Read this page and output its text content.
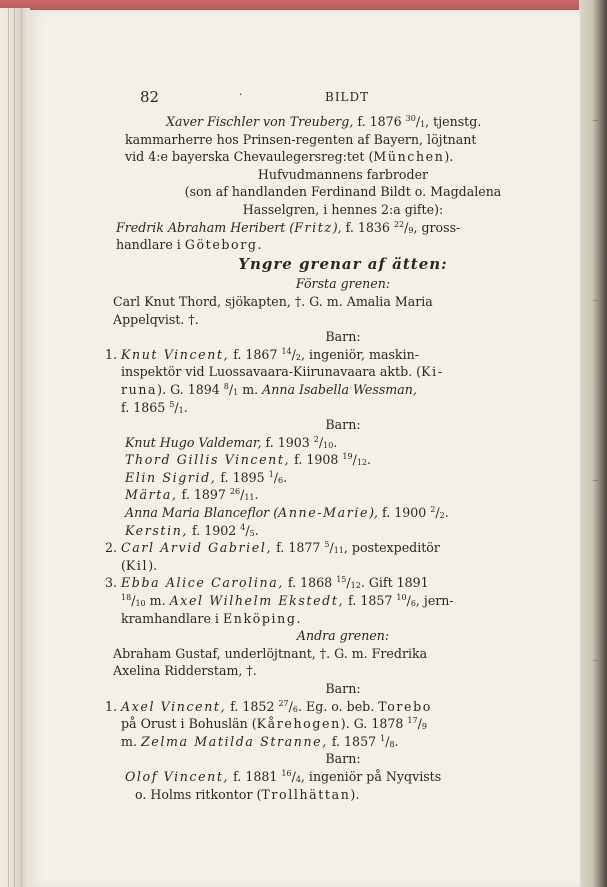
82	·	BILDT
Xaver Fischler von Treuberg, f. 1876 $^{30}/_1$, tjenstg.
kammarherre hos Prinsen-regenten af Bayern, löjtnant
vid 4:e bayerska Chevaulegersreg:tet (München).
Hufvudmannens farbroder
(son af handlanden Ferdinand Bildt o. Magdalena
Hasselgren, i hennes 2:a gifte):
Fredrik Abraham Heribert (Fritz), f. 1836 $^{22}/_9$, gross-
handlare i Göteborg.
Yngre grenar af ätten:
Första grenen:
Carl Knut Thord, sjökapten, †. G. m. Amalia Maria
Appelqvist. †.
Barn:
1. Knut Vincent, f. 1867 $^{14}/_2$, ingeniör, maskin-
inspektör vid Luossavaara-Kiirunavaara aktb. (Ki-
runa). G. 1894 $^8/_1$ m. Anna Isabella Wessman,
f. 1865 $^5/_1$.
Barn:
Knut Hugo Valdemar, f. 1903 $^2/_{10}$.
Thord Gillis Vincent, f. 1908 $^{19}/_{12}$.
Elin Sigrid, f. 1895 $^1/_6$.
Märta, f. 1897 $^{26}/_{11}$.
Anna Maria Blanceflor (Anne-Marie), f. 1900 $^2/_2$.
Kerstin, f. 1902 $^4/_5$.
2. Carl Arvid Gabriel, f. 1877 $^5/_{11}$, postexpeditör
(Kil).
3. Ebba Alice Carolina, f. 1868 $^{15}/_{12}$. Gift 1891
$^{18}/_{10}$ m. Axel Wilhelm Ekstedt, f. 1857 $^{10}/_6$, jern-
kramhandlare i Enköping.
Andra grenen:
Abraham Gustaf, underlöjtnant, †. G. m. Fredrika
Axelina Ridderstam, †.
Barn:
1. Axel Vincent, f. 1852 $^{27}/_6$. Eg. o. beb. Torebo
på Orust i Bohuslän (Kårehogen). G. 1878 $^{17}/_9$
m. Zelma Matilda Stranne, f. 1857 $^1/_8$.
Barn:
Olof Vincent, f. 1881 $^{16}/_4$, ingeniör på Nyqvists
o. Holms ritkontor (Trollhättan).
